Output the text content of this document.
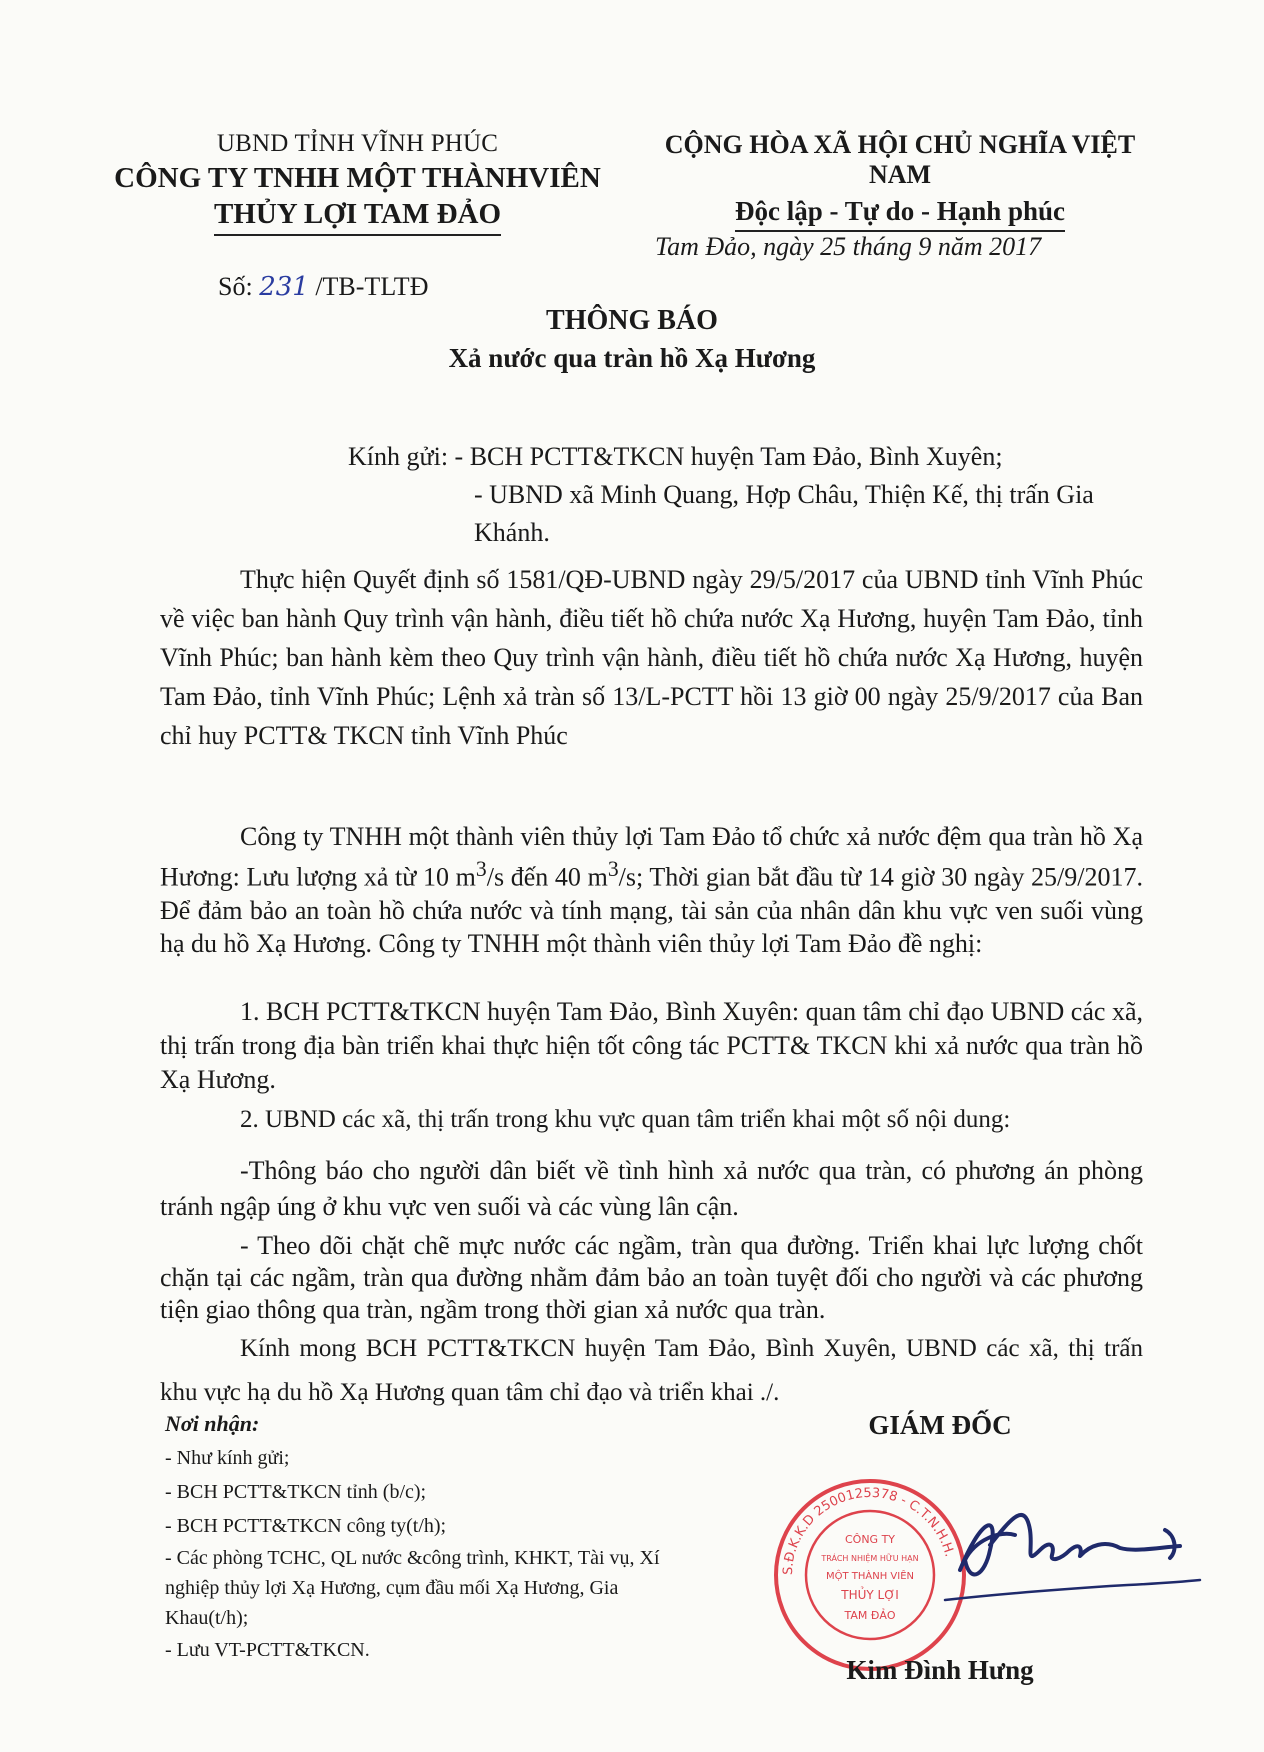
UBND TỈNH VĨNH PHÚC
CÔNG TY TNHH MỘT THÀNHVIÊN
THỦY LỢI TAM ĐẢO
Số: 231 /TB-TLTĐ
CỘNG HÒA XÃ HỘI CHỦ NGHĨA VIỆT NAM
Độc lập - Tự do - Hạnh phúc
Tam Đảo, ngày 25 tháng 9 năm 2017
THÔNG BÁO
Xả nước qua tràn hồ Xạ Hương
Kính gửi: - BCH PCTT&TKCN huyện Tam Đảo, Bình Xuyên;
- UBND xã Minh Quang, Hợp Châu, Thiện Kế, thị trấn Gia Khánh.
Thực hiện Quyết định số 1581/QĐ-UBND ngày 29/5/2017 của UBND tỉnh Vĩnh Phúc về việc ban hành Quy trình vận hành, điều tiết hồ chứa nước Xạ Hương, huyện Tam Đảo, tỉnh Vĩnh Phúc; ban hành kèm theo Quy trình vận hành, điều tiết hồ chứa nước Xạ Hương, huyện Tam Đảo, tỉnh Vĩnh Phúc; Lệnh xả tràn số 13/L-PCTT hồi 13 giờ 00 ngày 25/9/2017 của Ban chỉ huy PCTT& TKCN tỉnh Vĩnh Phúc
Công ty TNHH một thành viên thủy lợi Tam Đảo tổ chức xả nước đệm qua tràn hồ Xạ Hương: Lưu lượng xả từ 10 $m^3/s$ đến 40 $m^3/s$; Thời gian bắt đầu từ 14 giờ 30 ngày 25/9/2017. Để đảm bảo an toàn hồ chứa nước và tính mạng, tài sản của nhân dân khu vực ven suối vùng hạ du hồ Xạ Hương. Công ty TNHH một thành viên thủy lợi Tam Đảo đề nghị:
1. BCH PCTT&TKCN huyện Tam Đảo, Bình Xuyên: quan tâm chỉ đạo UBND các xã, thị trấn trong địa bàn triển khai thực hiện tốt công tác PCTT& TKCN khi xả nước qua tràn hồ Xạ Hương.
2. UBND các xã, thị trấn trong khu vực quan tâm triển khai một số nội dung:
-Thông báo cho người dân biết về tình hình xả nước qua tràn, có phương án phòng tránh ngập úng ở khu vực ven suối và các vùng lân cận.
- Theo dõi chặt chẽ mực nước các ngầm, tràn qua đường. Triển khai lực lượng chốt chặn tại các ngầm, tràn qua đường nhằm đảm bảo an toàn tuyệt đối cho người và các phương tiện giao thông qua tràn, ngầm trong thời gian xả nước qua tràn.
Kính mong BCH PCTT&TKCN huyện Tam Đảo, Bình Xuyên, UBND các xã, thị trấn khu vực hạ du hồ Xạ Hương quan tâm chỉ đạo và triển khai ./.
Nơi nhận:
- Như kính gửi;
- BCH PCTT&TKCN tỉnh (b/c);
- BCH PCTT&TKCN công ty(t/h);
- Các phòng TCHC, QL nước &công trình, KHKT, Tài vụ, Xí nghiệp thủy lợi Xạ Hương, cụm đầu mối Xạ Hương, Gia Khau(t/h);
- Lưu VT-PCTT&TKCN.
GIÁM ĐỐC
S.Đ.K.K.D 2500125378 - C.T.N.H.H.
CÔNG TY
TRÁCH NHIỆM HỮU HẠN
MỘT THÀNH VIÊN
THỦY LỢI
TAM ĐẢO
Kim Đình Hưng
